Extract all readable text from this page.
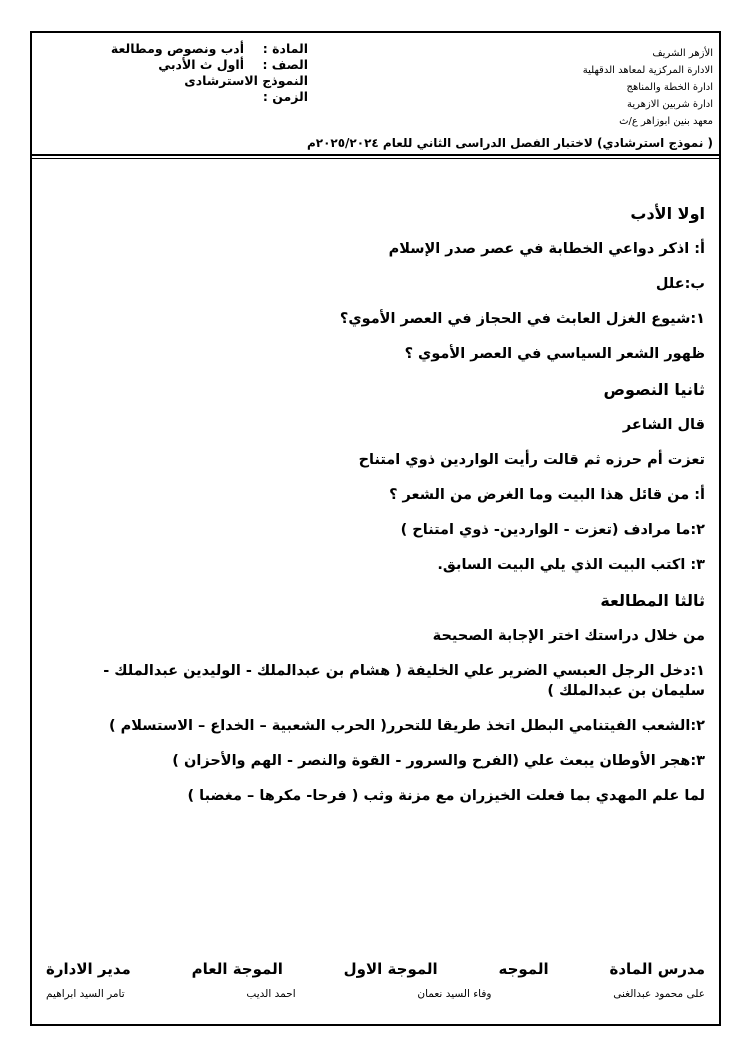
الأزهر الشريف
الادارة المركزية لمعاهد الدقهلية
ادارة الخطة والمناهج
ادارة شربين الازهرية
معهد بنين ابوزاهر ع/ث
المادة :
أدب ونصوص ومطالعة
الصف :
أاول ث الأدبي
النموذج الاسترشادى
الزمن :
( نموذج استرشادي) لاختبار الفصل الدراسى الثاني للعام ٢٠٢٥/٢٠٢٤م
اولا الأدب
أ: اذكر دواعي الخطابة في عصر صدر الإسلام
ب:علل
١:شيوع الغزل العابث في الحجاز في العصر الأموي؟
ظهور الشعر السياسي في العصر الأموي ؟
ثانيا النصوص
قال الشاعر
تعزت أم حرزه ثم قالت رأيت الواردين ذوي امتناح
أ: من قائل هذا البيت وما الغرض من الشعر ؟
٢:ما مرادف (تعزت - الواردين- ذوي امتناح )
٣: اكتب البيت الذي يلي البيت السابق.
ثالثا المطالعة
من خلال دراستك اختر الإجابة الصحيحة
١:دخل الرجل العبسي الضرير علي الخليفة ( هشام بن عبدالملك - الوليدين عبدالملك - سليمان بن عبدالملك )
٢:الشعب الفيتنامي البطل اتخذ طريقا للتحرر( الحرب الشعبية – الخداع – الاستسلام )
٣:هجر الأوطان يبعث علي (الفرح والسرور - القوة والنصر - الهم والأحزان )
لما علم المهدي بما فعلت الخيزران مع مزنة وثب ( فرحا- مكرها – مغضبا )
مدرس المادة
الموجه
الموجة الاول
الموجة العام
مدير الادارة
على محمود عبدالغنى
وفاء السيد نعمان
احمد الديب
تامر السيد ابراهيم
